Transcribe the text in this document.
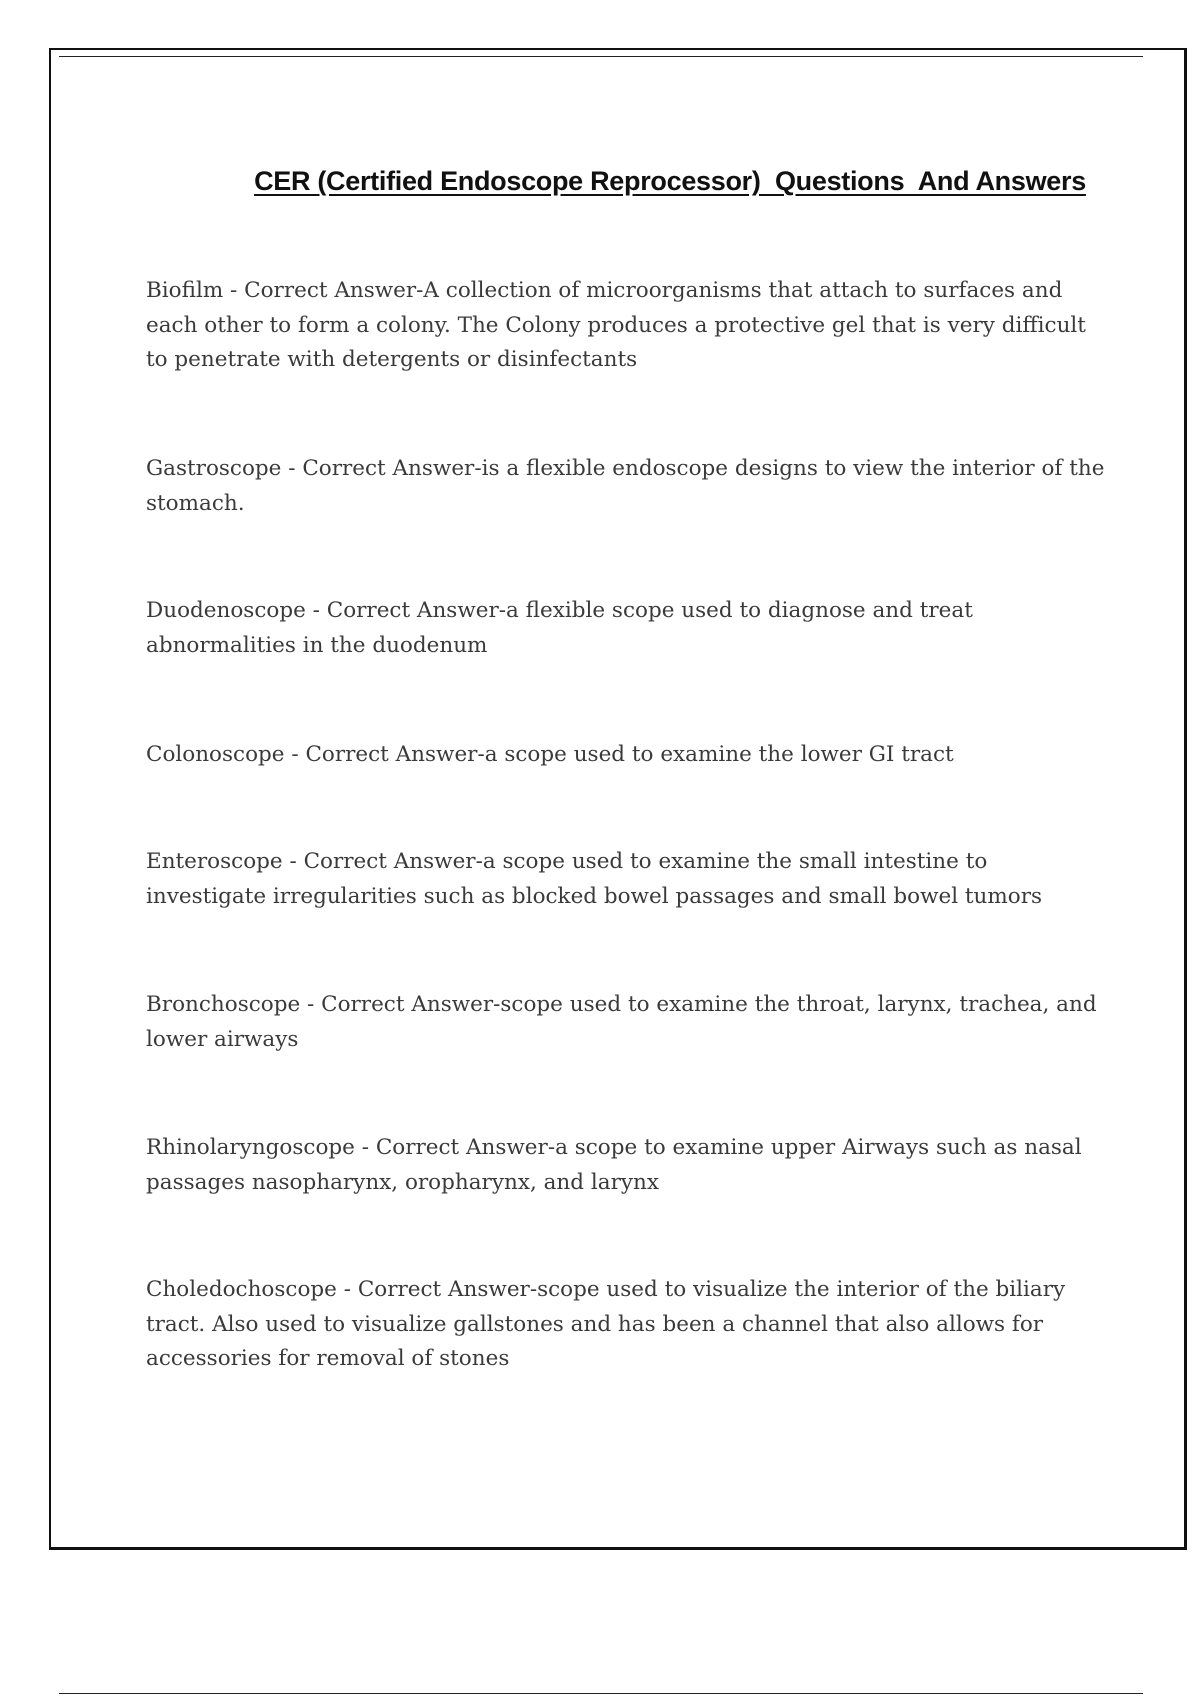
CER (Certified Endoscope Reprocessor)  Questions  And Answers

Biofilm - Correct Answer-A collection of microorganisms that attach to surfaces and each other to form a colony. The Colony produces a protective gel that is very difficult to penetrate with detergents or disinfectants

Gastroscope - Correct Answer-is a flexible endoscope designs to view the interior of the stomach.

Duodenoscope - Correct Answer-a flexible scope used to diagnose and treat abnormalities in the duodenum

Colonoscope - Correct Answer-a scope used to examine the lower GI tract

Enteroscope - Correct Answer-a scope used to examine the small intestine to investigate irregularities such as blocked bowel passages and small bowel tumors

Bronchoscope - Correct Answer-scope used to examine the throat, larynx, trachea, and lower airways

Rhinolaryngoscope - Correct Answer-a scope to examine upper Airways such as nasal passages nasopharynx, oropharynx, and larynx

Choledochoscope - Correct Answer-scope used to visualize the interior of the biliary tract. Also used to visualize gallstones and has been a channel that also allows for accessories for removal of stones
